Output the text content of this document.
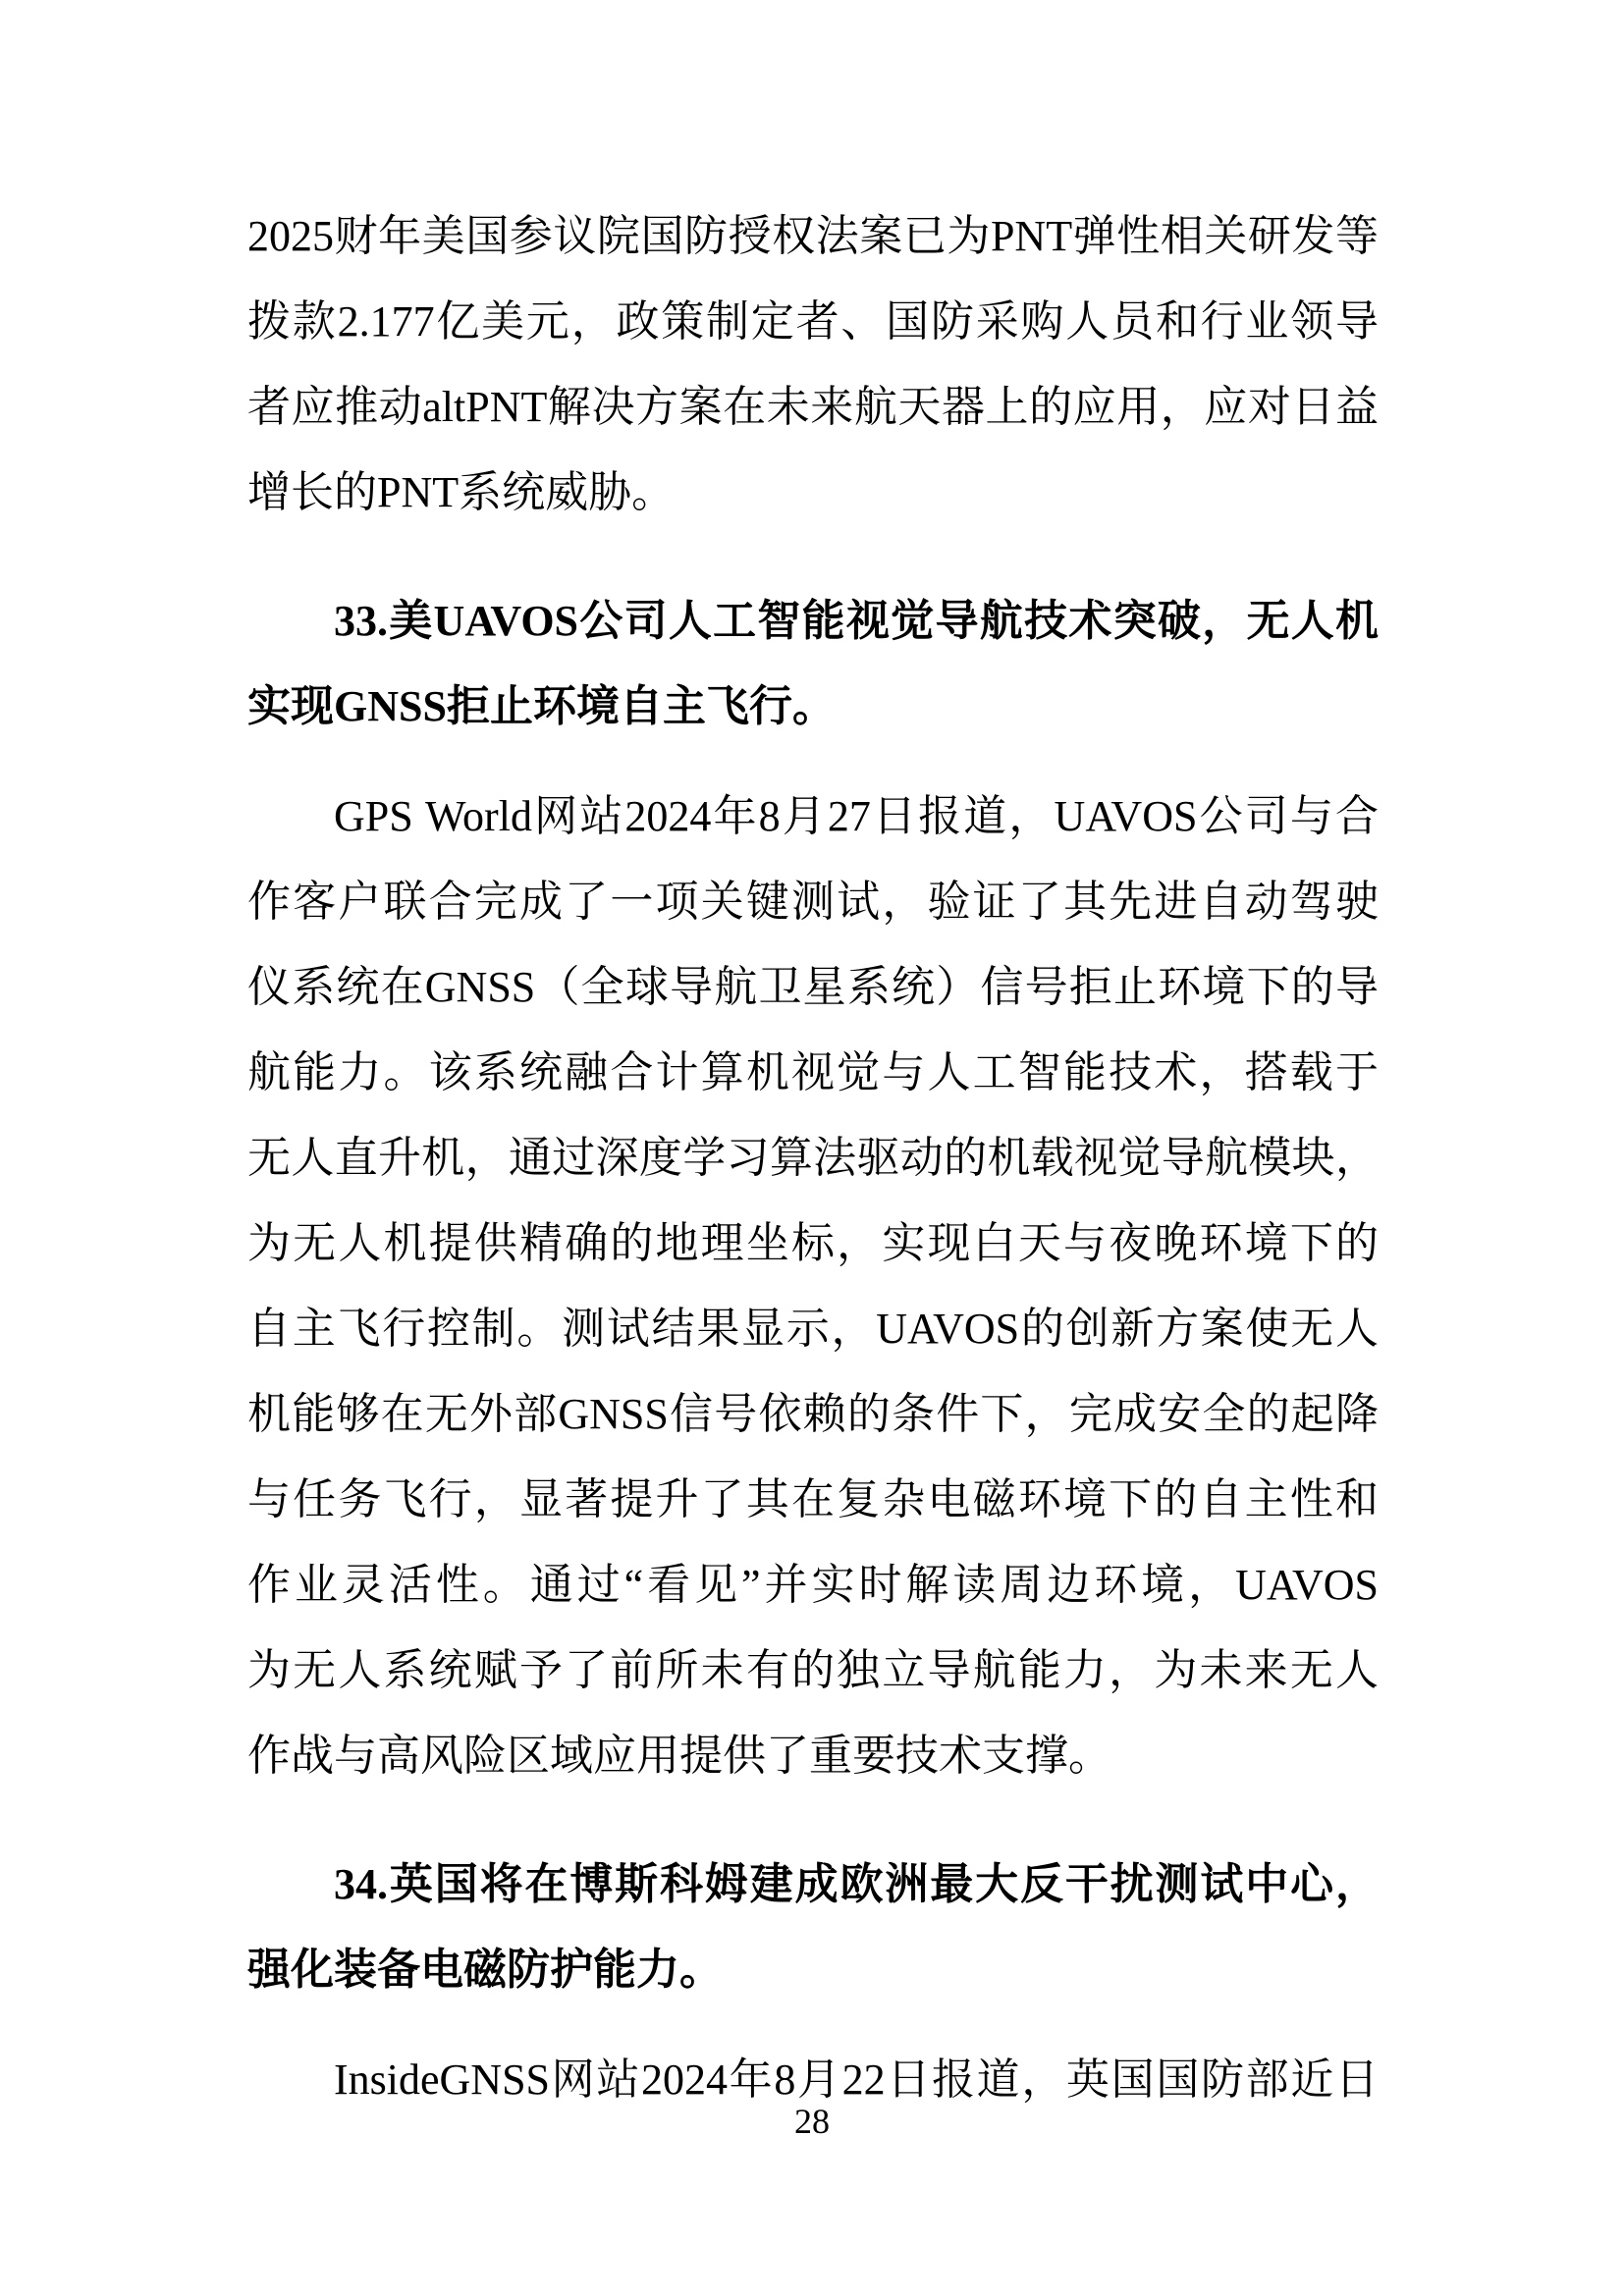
2025财年美国参议院国防授权法案已为PNT弹性相关研发等
拨款2.177亿美元，政策制定者、国防采购人员和行业领导
者应推动altPNT解决方案在未来航天器上的应用，应对日益
增长的PNT系统威胁。
33.美UAVOS公司人工智能视觉导航技术突破，无人机
实现GNSS拒止环境自主飞行。
GPS World网站2024年8月27日报道，UAVOS公司与合
作客户联合完成了一项关键测试，验证了其先进自动驾驶
仪系统在GNSS（全球导航卫星系统）信号拒止环境下的导
航能力。该系统融合计算机视觉与人工智能技术，搭载于
无人直升机，通过深度学习算法驱动的机载视觉导航模块，
为无人机提供精确的地理坐标，实现白天与夜晚环境下的
自主飞行控制。测试结果显示，UAVOS的创新方案使无人
机能够在无外部GNSS信号依赖的条件下，完成安全的起降
与任务飞行，显著提升了其在复杂电磁环境下的自主性和
作业灵活性。通过“看见”并实时解读周边环境，UAVOS
为无人系统赋予了前所未有的独立导航能力，为未来无人
作战与高风险区域应用提供了重要技术支撑。
34.英国将在博斯科姆建成欧洲最大反干扰测试中心，
强化装备电磁防护能力。
InsideGNSS网站2024年8月22日报道，英国国防部近日
28
